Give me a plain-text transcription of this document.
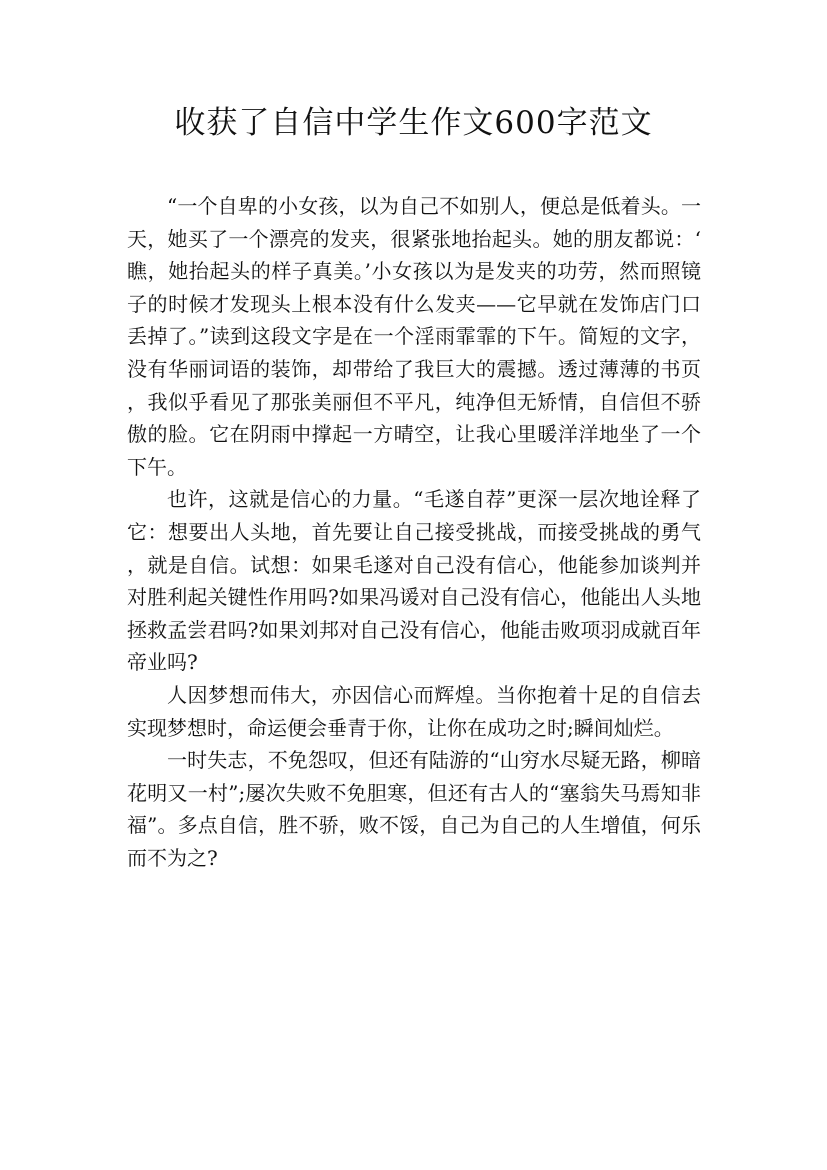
收获了自信中学生作文600字范文

“一个自卑的小女孩，以为自己不如别人，便总是低着头。一天，她买了一个漂亮的发夹，很紧张地抬起头。她的朋友都说：‘瞧，她抬起头的样子真美。’小女孩以为是发夹的功劳，然而照镜子的时候才发现头上根本没有什么发夹——它早就在发饰店门口丢掉了。”读到这段文字是在一个淫雨霏霏的下午。简短的文字，没有华丽词语的装饰，却带给了我巨大的震撼。透过薄薄的书页，我似乎看见了那张美丽但不平凡，纯净但无矫情，自信但不骄傲的脸。它在阴雨中撑起一方晴空，让我心里暖洋洋地坐了一个下午。

也许，这就是信心的力量。“毛遂自荐”更深一层次地诠释了它：想要出人头地，首先要让自己接受挑战，而接受挑战的勇气，就是自信。试想：如果毛遂对自己没有信心，他能参加谈判并对胜利起关键性作用吗?如果冯谖对自己没有信心，他能出人头地拯救孟尝君吗?如果刘邦对自己没有信心，他能击败项羽成就百年帝业吗?

人因梦想而伟大，亦因信心而辉煌。当你抱着十足的自信去实现梦想时，命运便会垂青于你，让你在成功之时;瞬间灿烂。

一时失志，不免怨叹，但还有陆游的“山穷水尽疑无路，柳暗花明又一村”;屡次失败不免胆寒，但还有古人的“塞翁失马焉知非福”。多点自信，胜不骄，败不馁，自己为自己的人生增值，何乐而不为之?
